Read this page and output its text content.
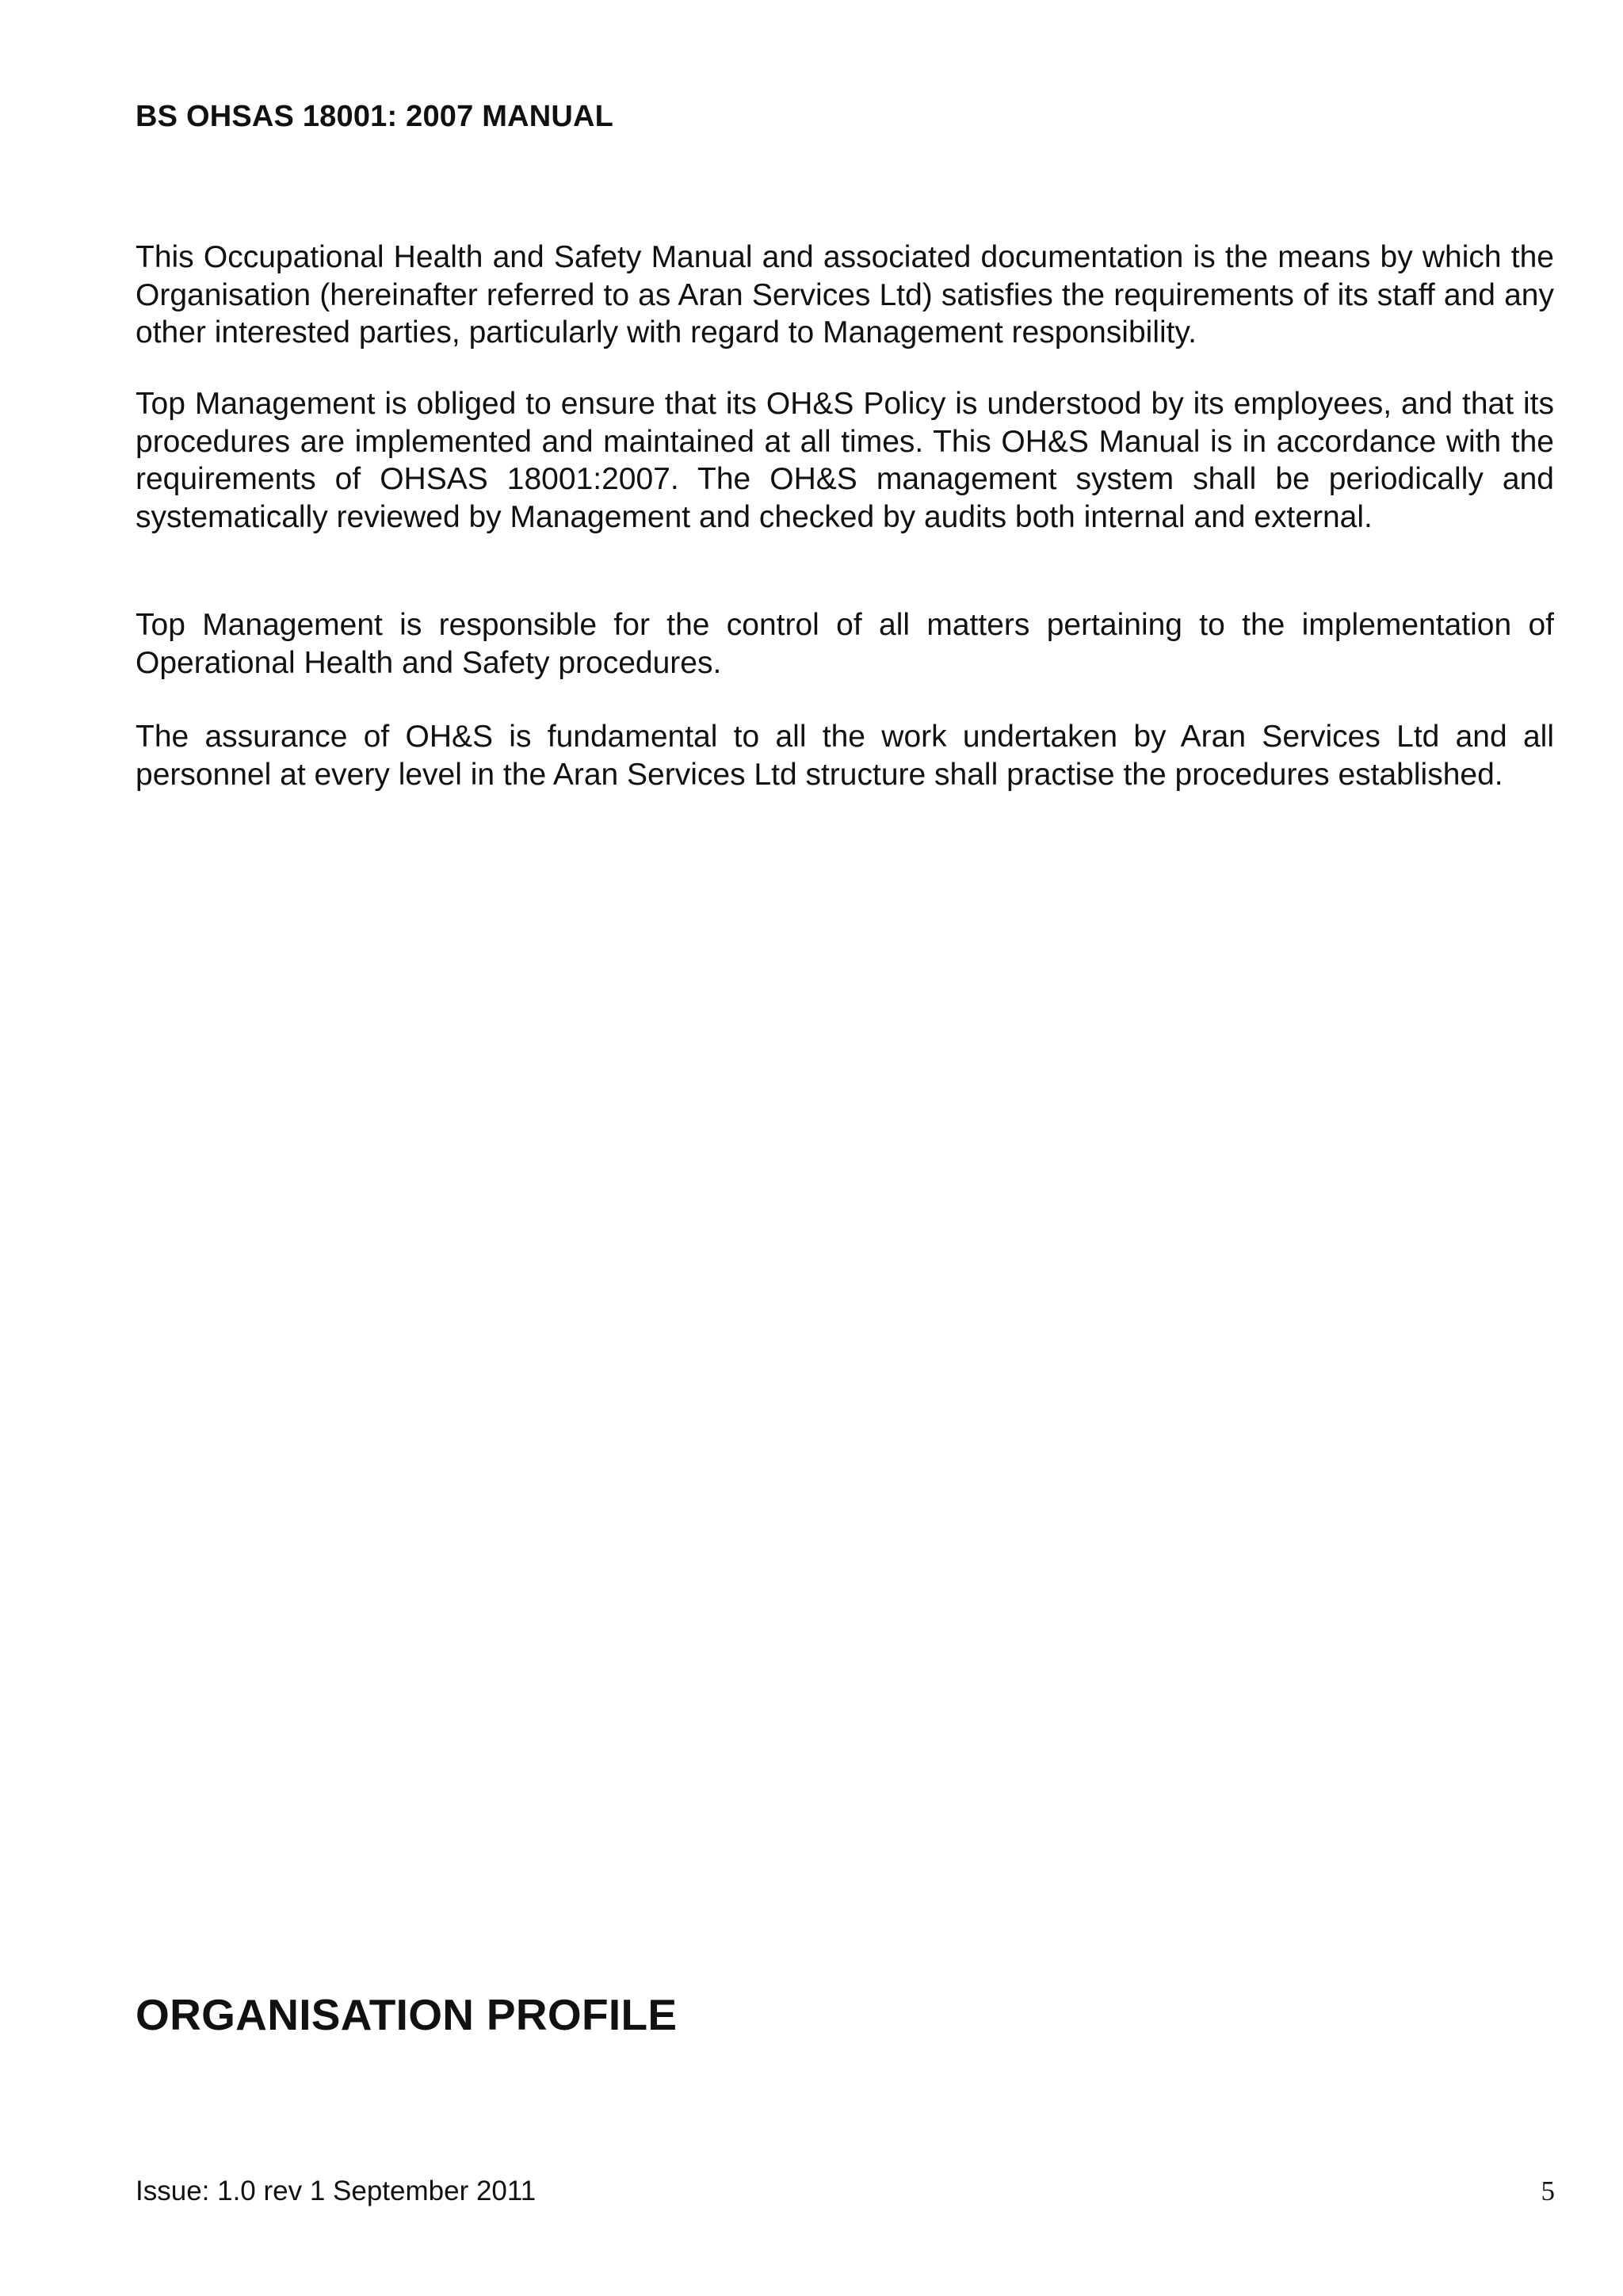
BS OHSAS 18001: 2007 MANUAL

This Occupational Health and Safety Manual and associated documentation is the means by which the Organisation (hereinafter referred to as Aran Services Ltd) satisfies the requirements of its staff and any other interested parties, particularly with regard to Management responsibility.

Top Management is obliged to ensure that its OH&S Policy is understood by its employees, and that its procedures are implemented and maintained at all times. This OH&S Manual is in accordance with the requirements of OHSAS 18001:2007. The OH&S management system shall be periodically and systematically reviewed by Management and checked by audits both internal and external.

Top Management is responsible for the control of all matters pertaining to the implementation of Operational Health and Safety procedures.

The assurance of OH&S is fundamental to all the work undertaken by Aran Services Ltd and all personnel at every level in the Aran Services Ltd structure shall practise the procedures established.

ORGANISATION PROFILE
Issue: 1.0 rev 1 September 2011	5
